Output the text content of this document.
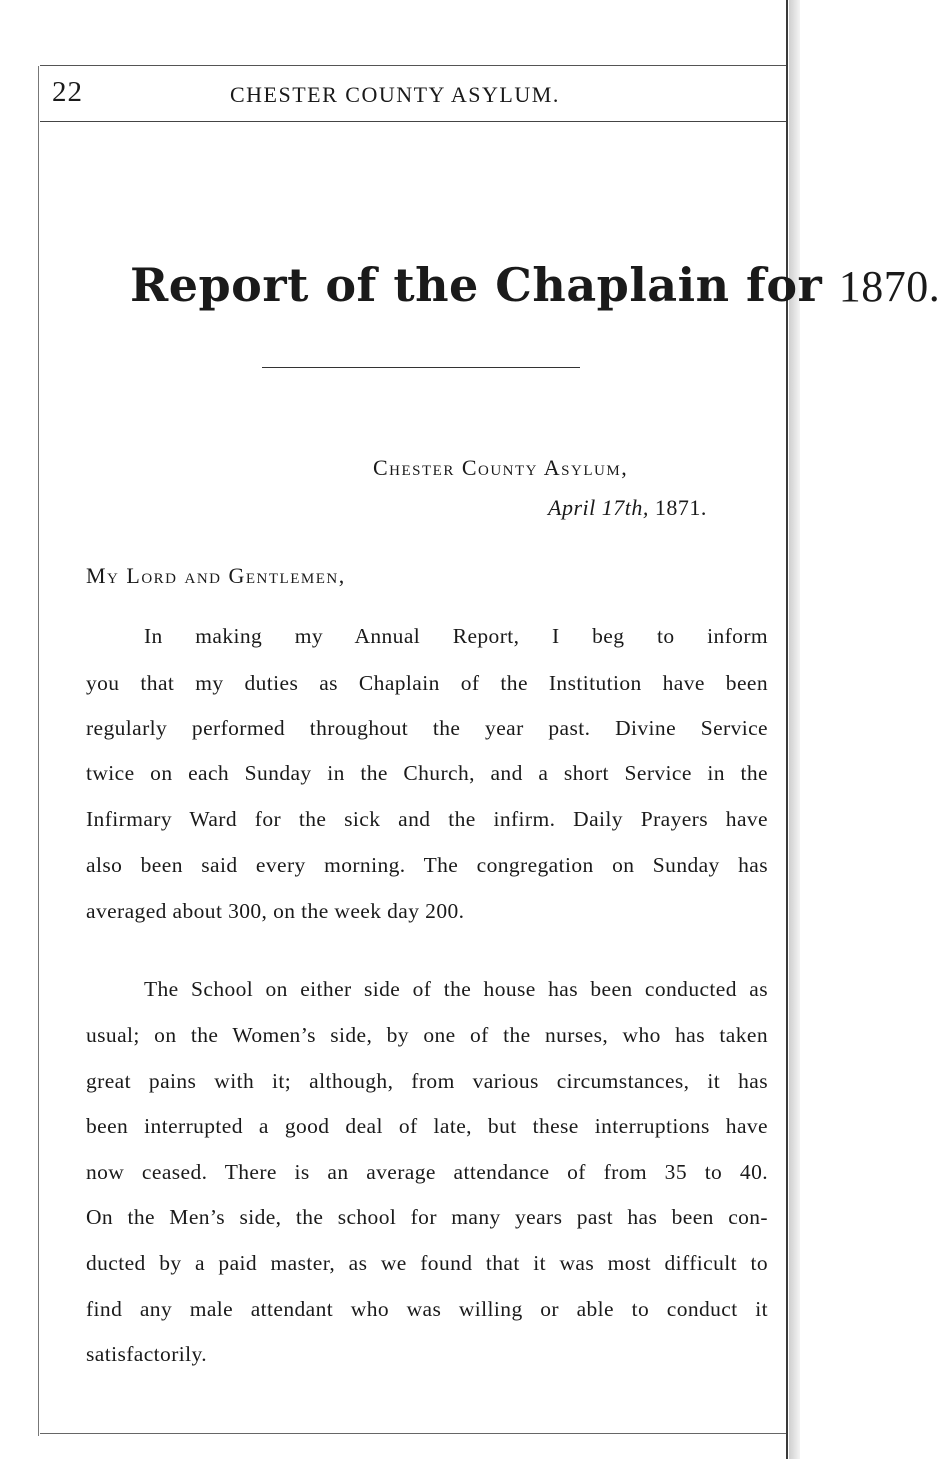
22	CHESTER COUNTY ASYLUM.
Report of the Chaplain for 1870.
Chester County Asylum,
April 17th, 1871.
My Lord and Gentlemen,
In making my Annual Report, I beg to inform
you that my duties as Chaplain of the Institution have been
regularly performed throughout the year past. Divine Service
twice on each Sunday in the Church, and a short Service in the
Infirmary Ward for the sick and the infirm. Daily Prayers have
also been said every morning. The congregation on Sunday has
averaged about 300, on the week day 200.
The School on either side of the house has been conducted as
usual; on the Women’s side, by one of the nurses, who has taken
great pains with it; although, from various circumstances, it has
been interrupted a good deal of late, but these interruptions have
now ceased. There is an average attendance of from 35 to 40.
On the Men’s side, the school for many years past has been con-
ducted by a paid master, as we found that it was most difficult to
find any male attendant who was willing or able to conduct it
satisfactorily.
